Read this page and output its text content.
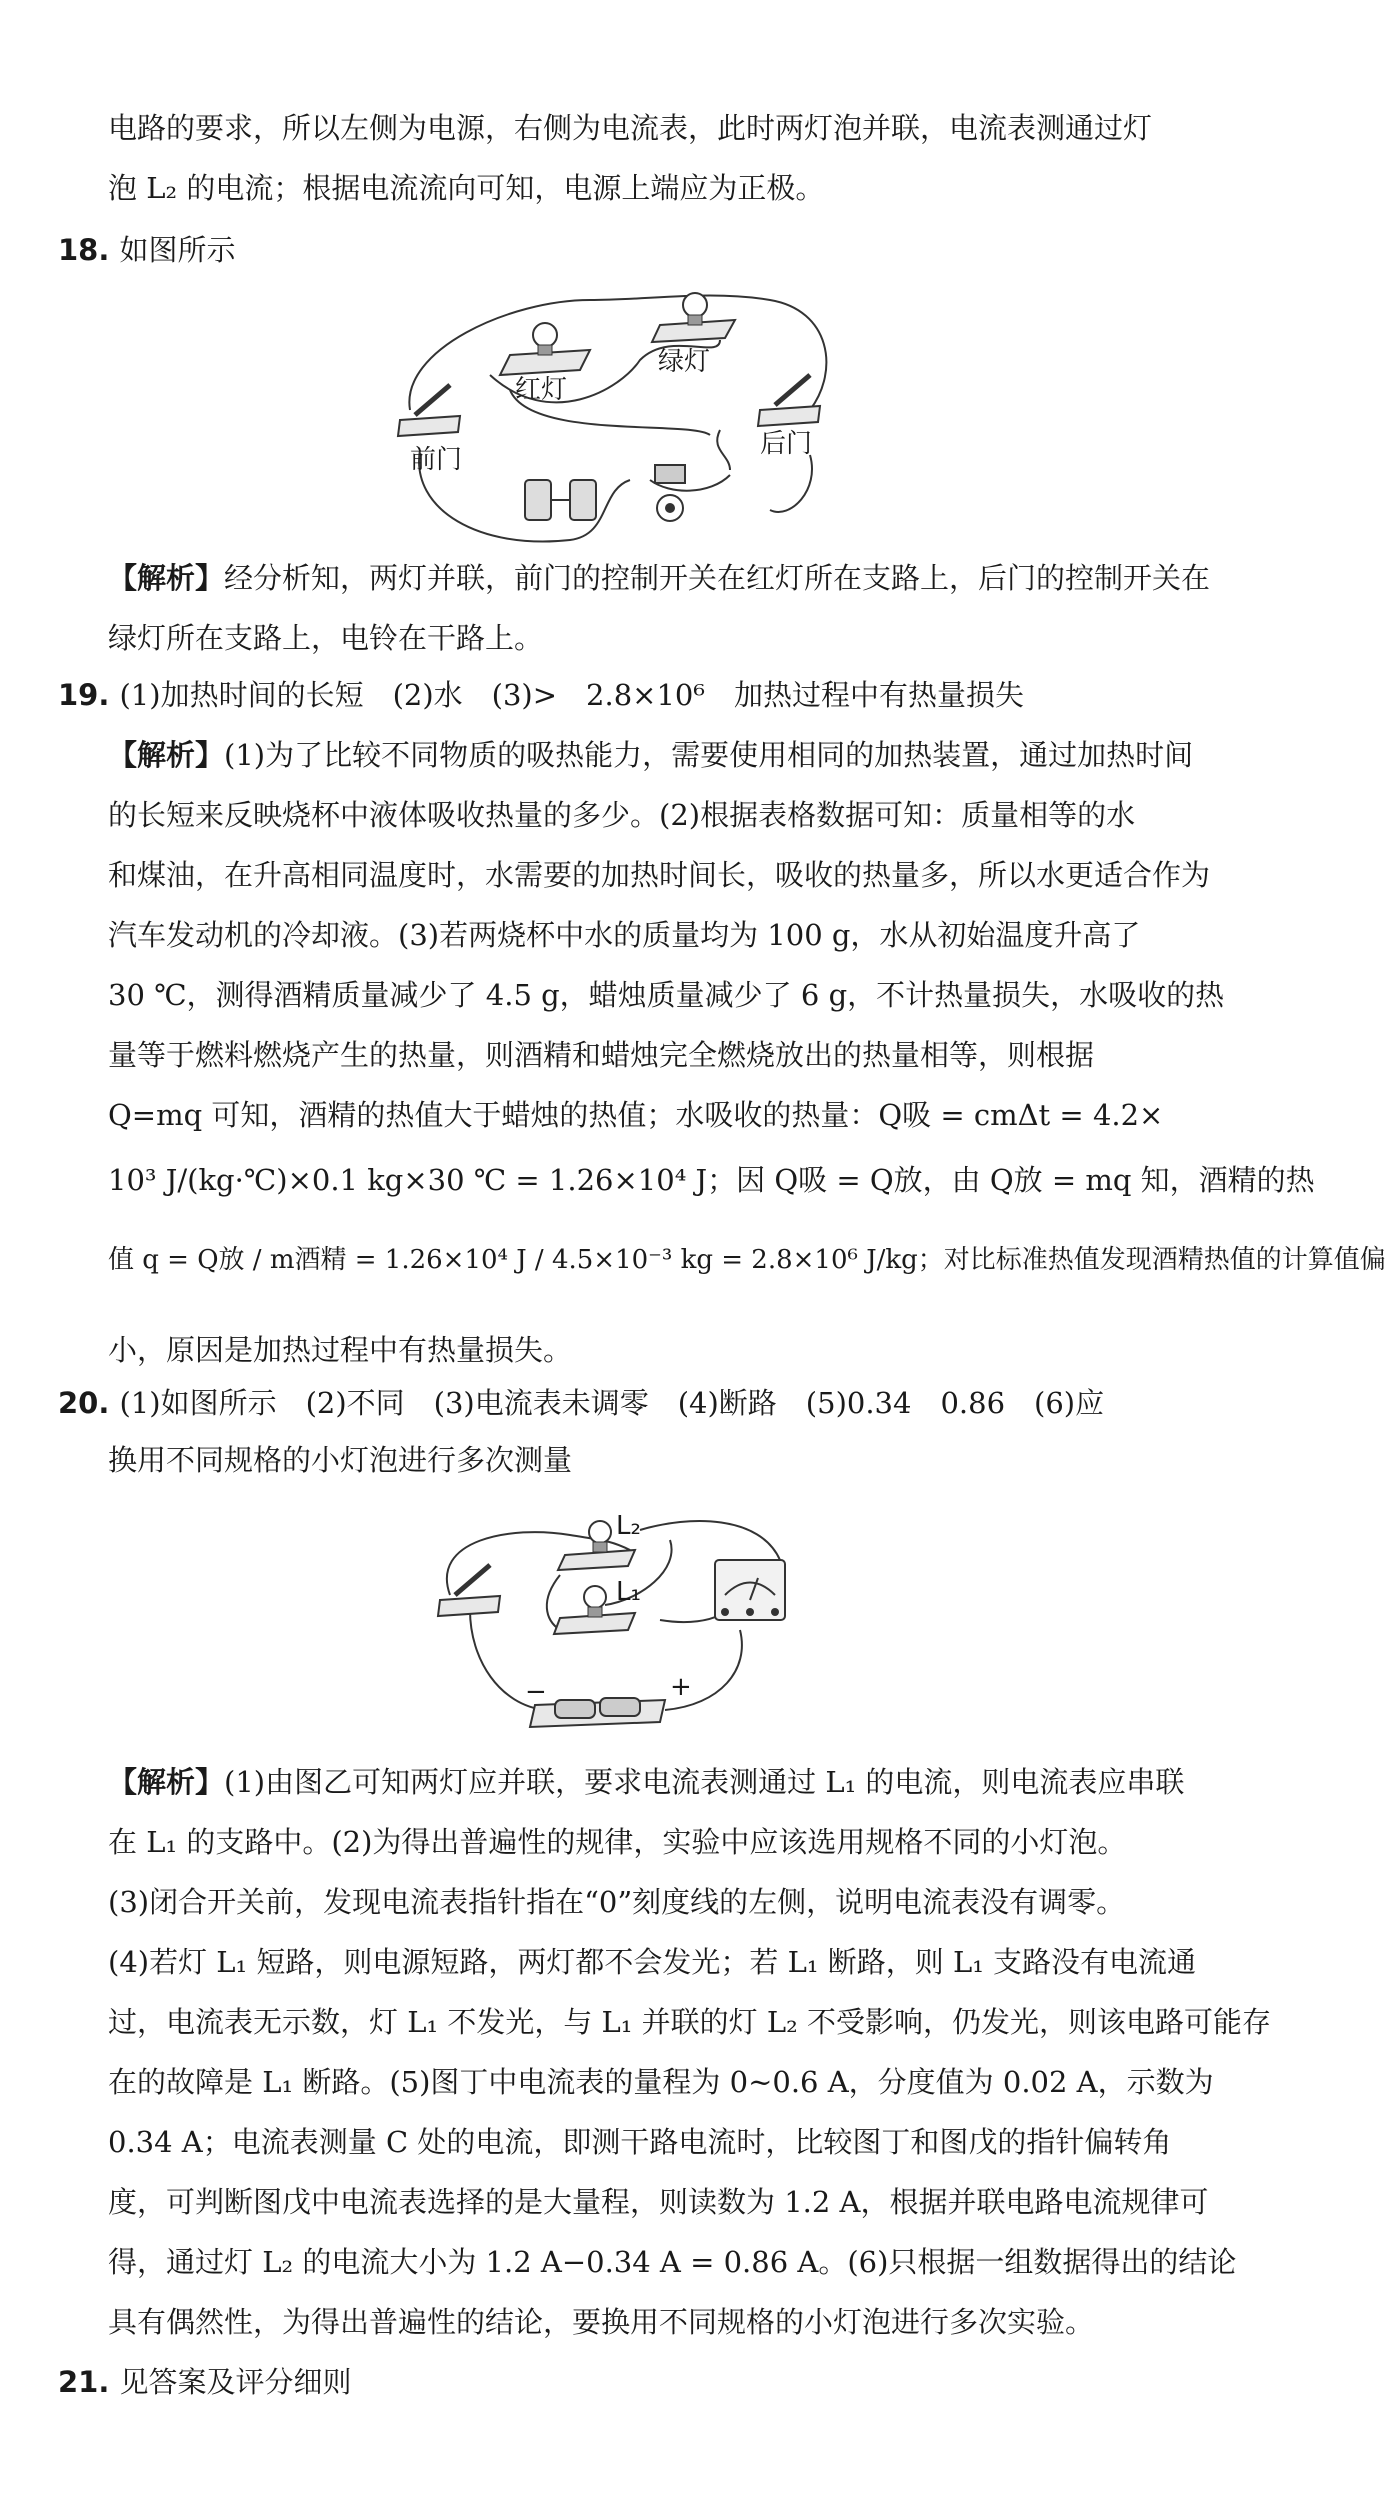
电路的要求，所以左侧为电源，右侧为电流表，此时两灯泡并联，电流表测通过灯
泡 L₂ 的电流；根据电流流向可知，电源上端应为正极。
18. 如图所示
红灯
绿灯
前门
后门
【解析】经分析知，两灯并联，前门的控制开关在红灯所在支路上，后门的控制开关在
绿灯所在支路上，电铃在干路上。
19. (1)加热时间的长短　(2)水　(3)>　2.8×10⁶　加热过程中有热量损失
【解析】(1)为了比较不同物质的吸热能力，需要使用相同的加热装置，通过加热时间
的长短来反映烧杯中液体吸收热量的多少。(2)根据表格数据可知：质量相等的水
和煤油，在升高相同温度时，水需要的加热时间长，吸收的热量多，所以水更适合作为
汽车发动机的冷却液。(3)若两烧杯中水的质量均为 100 g，水从初始温度升高了
30 ℃，测得酒精质量减少了 4.5 g，蜡烛质量减少了 6 g，不计热量损失，水吸收的热
量等于燃料燃烧产生的热量，则酒精和蜡烛完全燃烧放出的热量相等，则根据
Q=mq 可知，酒精的热值大于蜡烛的热值；水吸收的热量：Q吸 = cmΔt = 4.2×
10³ J/(kg·℃)×0.1 kg×30 ℃ = 1.26×10⁴ J；因 Q吸 = Q放，由 Q放 = mq 知，酒精的热
值 q = Q放 / m酒精 = 1.26×10⁴ J / 4.5×10⁻³ kg = 2.8×10⁶ J/kg；对比标准热值发现酒精热值的计算值偏
小，原因是加热过程中有热量损失。
20. (1)如图所示　(2)不同　(3)电流表未调零　(4)断路　(5)0.34　0.86　(6)应
换用不同规格的小灯泡进行多次测量
L₂
L₁
−	+
【解析】(1)由图乙可知两灯应并联，要求电流表测通过 L₁ 的电流，则电流表应串联
在 L₁ 的支路中。(2)为得出普遍性的规律，实验中应该选用规格不同的小灯泡。
(3)闭合开关前，发现电流表指针指在“0”刻度线的左侧，说明电流表没有调零。
(4)若灯 L₁ 短路，则电源短路，两灯都不会发光；若 L₁ 断路，则 L₁ 支路没有电流通
过，电流表无示数，灯 L₁ 不发光，与 L₁ 并联的灯 L₂ 不受影响，仍发光，则该电路可能存
在的故障是 L₁ 断路。(5)图丁中电流表的量程为 0~0.6 A，分度值为 0.02 A，示数为
0.34 A；电流表测量 C 处的电流，即测干路电流时，比较图丁和图戊的指针偏转角
度，可判断图戊中电流表选择的是大量程，则读数为 1.2 A，根据并联电路电流规律可
得，通过灯 L₂ 的电流大小为 1.2 A−0.34 A = 0.86 A。(6)只根据一组数据得出的结论
具有偶然性，为得出普遍性的结论，要换用不同规格的小灯泡进行多次实验。
21. 见答案及评分细则
